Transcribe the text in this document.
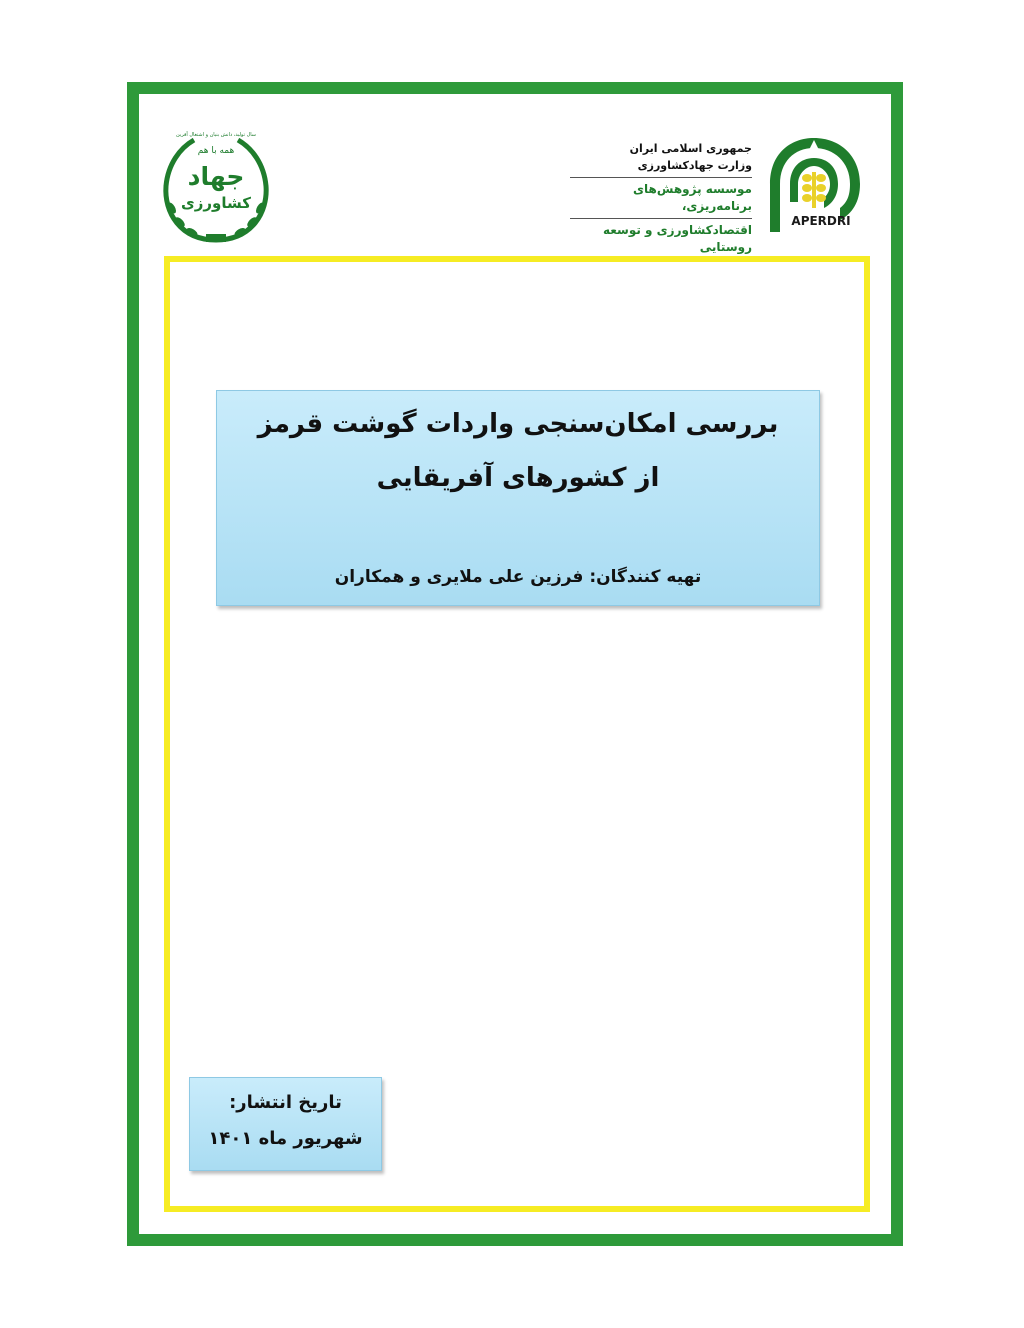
سال تولید، دانش بنیان و اشتغال آفرین
همه با هم
جهاد
کشاورزی
جمهوری اسلامی ایران
وزارت جهادکشاورزی
موسسه پژوهش‌های برنامه‌ریزی،
اقتصادکشاورزی و توسعه روستایی
APERDRI
بررسی امکان‌سنجی واردات گوشت قرمز
از کشورهای آفریقایی
تهیه کنندگان: فرزین علی ملایری و همکاران
تاریخ انتشار:
شهریور ماه ۱۴۰۱
